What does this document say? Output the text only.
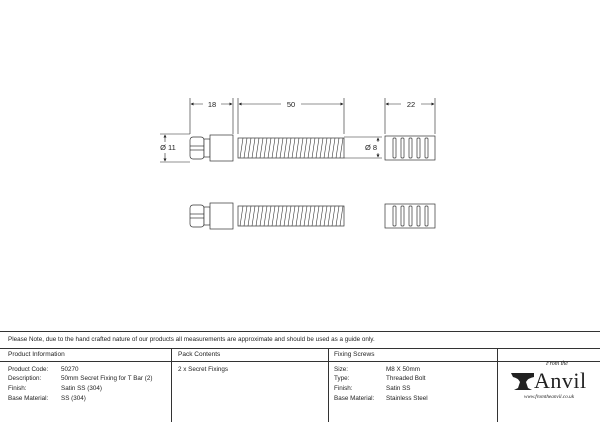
18	50	22
Ø 11	Ø 8
Please Note, due to the hand crafted nature of our products all measurements are approximate and should be used as a guide only.
Product Information	Pack Contents	Fixing Screws
Product Code: 50270
Description:	50mm Secret Fixing for T Bar (2)
Finish:	Satin SS (304)
Base Material: SS (304)
2 x Secret Fixings	Size:	M8 X 50mm
Type:	Threaded Bolt
Finish:	Satin SS
Base Material: Stainless Steel
From the
Anvil
www.fromtheanvil.co.uk
